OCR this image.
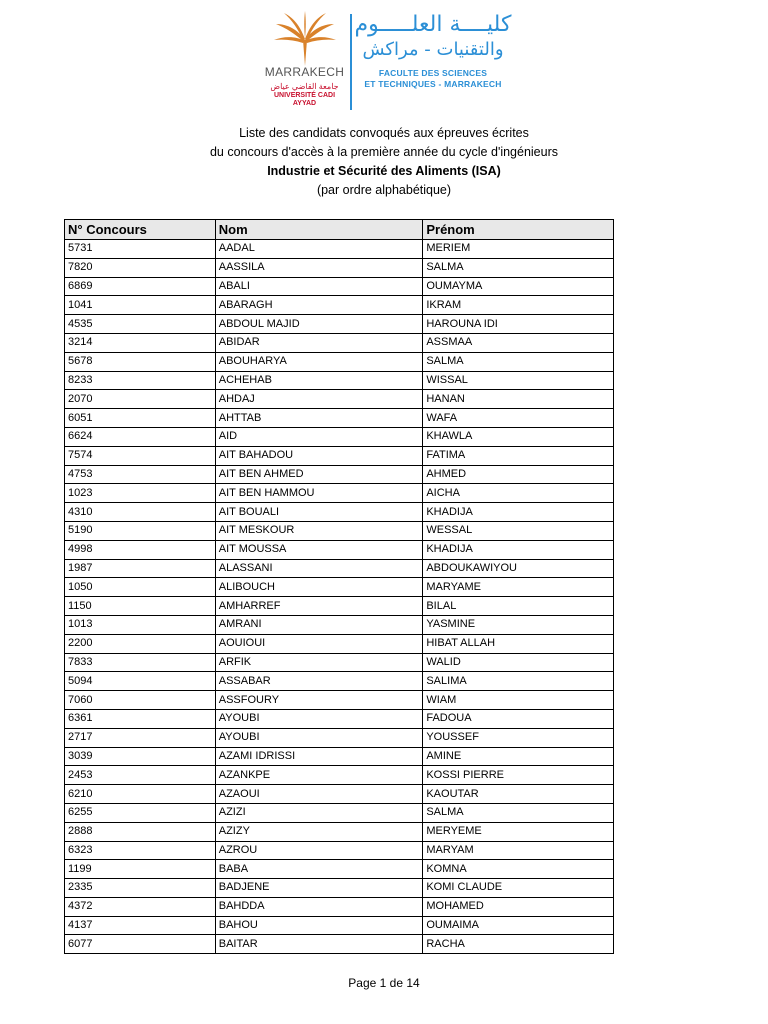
MARRAKECH
جامعة القاضي عياض
UNIVERSITÉ CADI AYYAD
كليــــة العلـــــوم
والتقنيات - مراكش
FACULTE DES SCIENCES
ET TECHNIQUES - MARRAKECH
Liste des candidats convoqués aux épreuves écrites
du concours d'accès à la première année du cycle d'ingénieurs
Industrie et Sécurité des Aliments (ISA)
(par ordre alphabétique)
N° Concours	Nom	Prénom
5731	AADAL	MERIEM
7820	AASSILA	SALMA
6869	ABALI	OUMAYMA
1041	ABARAGH	IKRAM
4535	ABDOUL MAJID	HAROUNA IDI
3214	ABIDAR	ASSMAA
5678	ABOUHARYA	SALMA
8233	ACHEHAB	WISSAL
2070	AHDAJ	HANAN
6051	AHTTAB	WAFA
6624	AID	KHAWLA
7574	AIT BAHADOU	FATIMA
4753	AIT BEN AHMED	AHMED
1023	AIT BEN HAMMOU	AICHA
4310	AIT BOUALI	KHADIJA
5190	AIT MESKOUR	WESSAL
4998	AIT MOUSSA	KHADIJA
1987	ALASSANI	ABDOUKAWIYOU
1050	ALIBOUCH	MARYAME
1150	AMHARREF	BILAL
1013	AMRANI	YASMINE
2200	AOUIOUI	HIBAT ALLAH
7833	ARFIK	WALID
5094	ASSABAR	SALIMA
7060	ASSFOURY	WIAM
6361	AYOUBI	FADOUA
2717	AYOUBI	YOUSSEF
3039	AZAMI IDRISSI	AMINE
2453	AZANKPE	KOSSI PIERRE
6210	AZAOUI	KAOUTAR
6255	AZIZI	SALMA
2888	AZIZY	MERYEME
6323	AZROU	MARYAM
1199	BABA	KOMNA
2335	BADJENE	KOMI CLAUDE
4372	BAHDDA	MOHAMED
4137	BAHOU	OUMAIMA
6077	BAITAR	RACHA
Page 1 de 14
